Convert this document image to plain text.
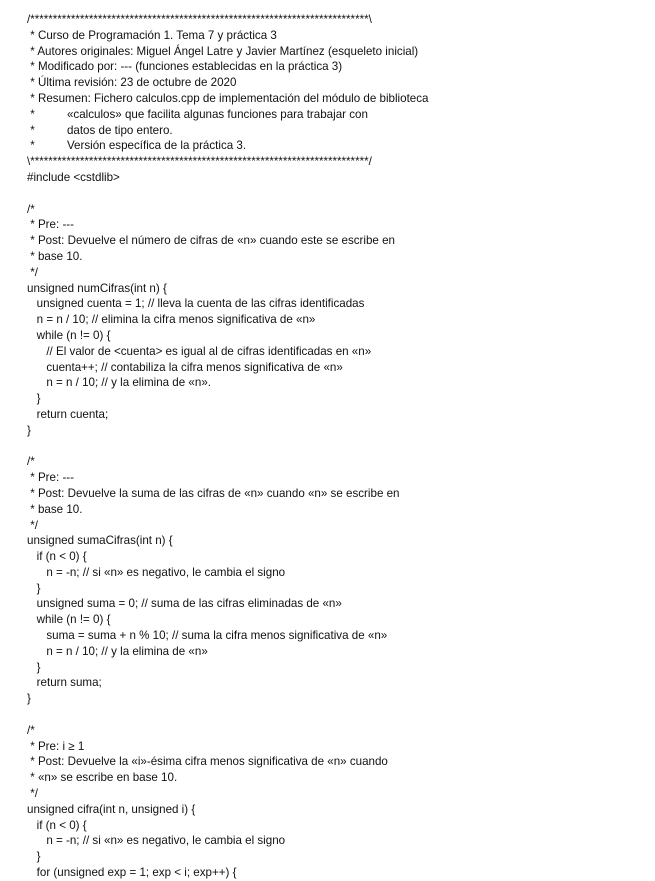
/***************************************************************************\
* Curso de Programación 1. Tema 7 y práctica 3
* Autores originales: Miguel Ángel Latre y Javier Martínez (esqueleto inicial)
* Modificado por: --- (funciones establecidas en la práctica 3)
* Última revisión: 23 de octubre de 2020
* Resumen: Fichero calculos.cpp de implementación del módulo de biblioteca
*          «calculos» que facilita algunas funciones para trabajar con
*          datos de tipo entero.
*          Versión específica de la práctica 3.
\***************************************************************************/
#include <cstdlib>
/*
* Pre: ---
* Post: Devuelve el número de cifras de «n» cuando este se escribe en
* base 10.
*/
unsigned numCifras(int n) {
unsigned cuenta = 1; // lleva la cuenta de las cifras identificadas
n = n / 10; // elimina la cifra menos significativa de «n»
while (n != 0) {
// El valor de <cuenta> es igual al de cifras identificadas en «n»
cuenta++; // contabiliza la cifra menos significativa de «n»
n = n / 10; // y la elimina de «n».
}
return cuenta;
}
/*
* Pre: ---
* Post: Devuelve la suma de las cifras de «n» cuando «n» se escribe en
* base 10.
*/
unsigned sumaCifras(int n) {
if (n < 0) {
n = -n; // si «n» es negativo, le cambia el signo
}
unsigned suma = 0; // suma de las cifras eliminadas de «n»
while (n != 0) {
suma = suma + n % 10; // suma la cifra menos significativa de «n»
n = n / 10; // y la elimina de «n»
}
return suma;
}
/*
* Pre: i ≥ 1
* Post: Devuelve la «i»-ésima cifra menos significativa de «n» cuando
* «n» se escribe en base 10.
*/
unsigned cifra(int n, unsigned i) {
if (n < 0) {
n = -n; // si «n» es negativo, le cambia el signo
}
for (unsigned exp = 1; exp < i; exp++) {
